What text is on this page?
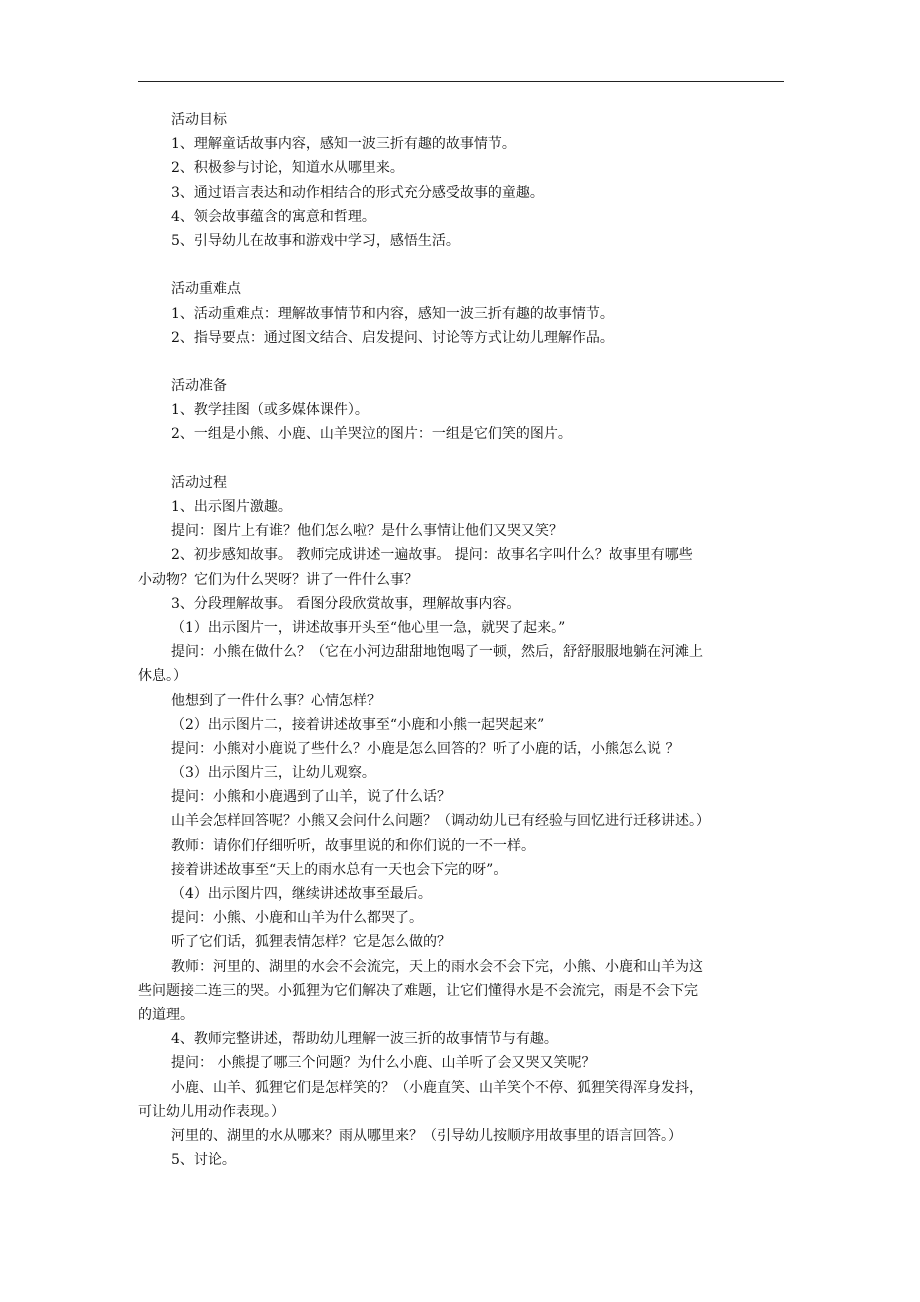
活动目标
1、理解童话故事内容，感知一波三折有趣的故事情节。
2、积极参与讨论，知道水从哪里来。
3、通过语言表达和动作相结合的形式充分感受故事的童趣。
4、领会故事蕴含的寓意和哲理。
5、引导幼儿在故事和游戏中学习，感悟生活。
活动重难点
1、活动重难点：理解故事情节和内容，感知一波三折有趣的故事情节。
2、指导要点：通过图文结合、启发提问、讨论等方式让幼儿理解作品。
活动准备
1、教学挂图（或多媒体课件）。
2、一组是小熊、小鹿、山羊哭泣的图片：一组是它们笑的图片。
活动过程
1、出示图片激趣。
提问：图片上有谁？他们怎么啦？是什么事情让他们又哭又笑？
2、初步感知故事。 教师完成讲述一遍故事。 提问：故事名字叫什么？故事里有哪些
小动物？它们为什么哭呀？讲了一件什么事？
3、分段理解故事。 看图分段欣赏故事，理解故事内容。
（1）出示图片一，讲述故事开头至“他心里一急，就哭了起来。”
提问：小熊在做什么？（它在小河边甜甜地饱喝了一顿，然后，舒舒服服地躺在河滩上
休息。）
他想到了一件什么事？心情怎样？
（2）出示图片二，接着讲述故事至“小鹿和小熊一起哭起来”
提问：小熊对小鹿说了些什么？小鹿是怎么回答的？听了小鹿的话，小熊怎么说 ？
（3）出示图片三，让幼儿观察。
提问：小熊和小鹿遇到了山羊，说了什么话？
山羊会怎样回答呢？小熊又会问什么问题？（调动幼儿已有经验与回忆进行迁移讲述。）
教师：请你们仔细听听，故事里说的和你们说的一不一样。
接着讲述故事至“天上的雨水总有一天也会下完的呀”。
（4）出示图片四，继续讲述故事至最后。
提问：小熊、小鹿和山羊为什么都哭了。
听了它们话，狐狸表情怎样？它是怎么做的？
教师：河里的、湖里的水会不会流完，天上的雨水会不会下完，小熊、小鹿和山羊为这
些问题接二连三的哭。小狐狸为它们解决了难题，让它们懂得水是不会流完，雨是不会下完
的道理。
4、教师完整讲述，帮助幼儿理解一波三折的故事情节与有趣。
提问： 小熊提了哪三个问题？为什么小鹿、山羊听了会又哭又笑呢？
小鹿、山羊、狐狸它们是怎样笑的？（小鹿直笑、山羊笑个不停、狐狸笑得浑身发抖，
可让幼儿用动作表现。）
河里的、湖里的水从哪来？雨从哪里来？（引导幼儿按顺序用故事里的语言回答。）
5、讨论。
